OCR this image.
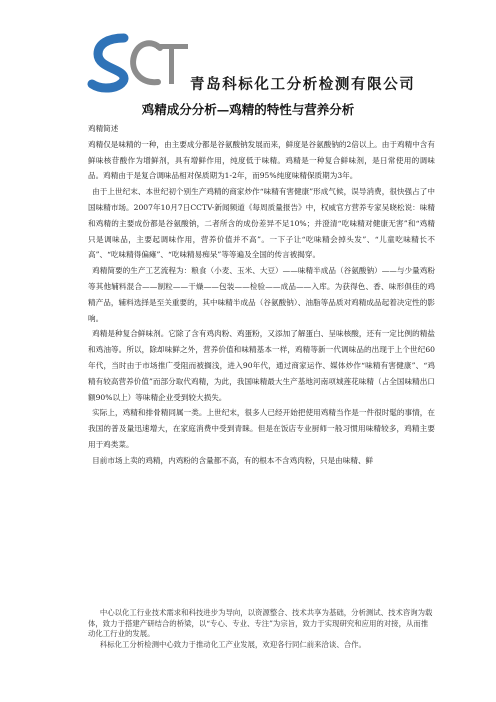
青岛科标化工分析检测有限公司
鸡精成分分析—鸡精的特性与营养分析

鸡精简述

鸡精仅是味精的一种，由主要成分都是谷氨酸钠发展而来，鲜度是谷氨酸钠的2倍以上。由于鸡精中含有鲜味核苷酸作为增鲜剂，具有增鲜作用，纯度低于味精。鸡精是一种复合鲜味剂，是日常使用的调味品。鸡精由于是复合调味品相对保质期为1-2年，而95%纯度味精保质期为3年。

由于上世纪末、本世纪初个别生产鸡精的商家炒作“味精有害健康”形成气候，误导消费，很快强占了中国味精市场。2007年10月7日CCTV-新闻频道《每周质量报告》中，权威官方营养专家吴晓松说：味精和鸡精的主要成份都是谷氨酸钠，二者所含的成份差异不足10%；并澄清“吃味精对健康无害”和“鸡精只是调味品，主要起调味作用，营养价值并不高”。一下子让“吃味精会掉头发”、“儿童吃味精长不高”、“吃味精得偏瘫”、“吃味精易痴呆”等等遍及全国的传言被揭穿。

鸡精简要的生产工艺流程为：粮食（小麦、玉米、大豆）——味精半成品（谷氨酸钠）——与少量鸡粉等其他辅料混合——制粒——干燥——包装——检验——成品——入库。为获得色、香、味形俱佳的鸡精产品，辅料选择是至关重要的，其中味精半成品（谷氨酸钠）、油脂等品质对鸡精成品起着决定性的影响。

鸡精是种复合鲜味剂。它除了含有鸡肉粉、鸡蛋粉，又添加了解蛋白、呈味核酸，还有一定比例的精盐和鸡油等。所以，除却味鲜之外，营养价值和味精基本一样，鸡精等新一代调味品的出现于上个世纪60年代，当时由于市场推广受阻而被搁浅，进入90年代，通过商家运作、媒体炒作“味精有害健康”、“鸡精有较高营养价值”而部分取代鸡精，为此，我国味精最大生产基地河南项城莲花味精（占全国味精出口额90%以上）等味精企业受到较大损失。

实际上，鸡精和排骨精同属一类。上世纪末，很多人已经开始把使用鸡精当作是一件很时髦的事情，在我国的普及量迅速增大，在家庭消费中受到青睐。但是在饭店专业厨师一般习惯用味精较多，鸡精主要用于鸡类菜。

目前市场上卖的鸡精，内鸡粉的含量都不高，有的根本不含鸡肉粉，只是由味精、鲜

中心以化工行业技术需求和科技进步为导向，以资源整合、技术共享为基础，分析测试、技术咨询为载体，致力于搭建产研结合的桥梁，以“专心、专业、专注”为宗旨，致力于实现研究和应用的对接，从而推动化工行业的发展。

科标化工分析检测中心致力于推动化工产业发展，欢迎各行同仁前来洽谈、合作。
